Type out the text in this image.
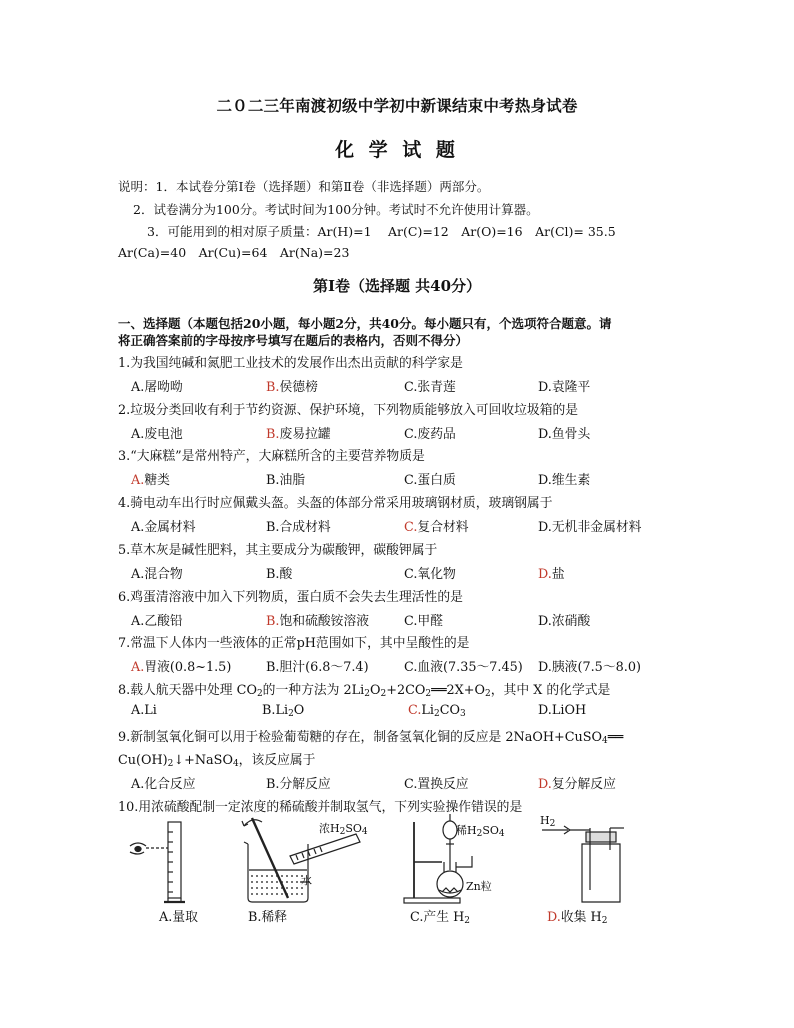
二０二三年南渡初级中学初中新课结束中考热身试卷
化 学 试 题
说明：1．本试卷分第Ⅰ卷（选择题）和第Ⅱ卷（非选择题）两部分。
2．试卷满分为100分。考试时间为100分钟。考试时不允许使用计算器。
3．可能用到的相对原子质量：Ar(H)=1　 Ar(C)=12　Ar(O)=16　Ar(Cl)= 35.5
Ar(Ca)=40　Ar(Cu)=64　Ar(Na)=23
第Ⅰ卷（选择题 共40分）
一、选择题（本题包括20小题，每小题2分，共40分。每小题只有，个选项符合题意。请
将正确答案前的字母按序号填写在题后的表格内，否则不得分）
1.为我国纯碱和氮肥工业技术的发展作出杰出贡献的科学家是
A.屠呦呦	B.侯德榜	C.张青莲	D.袁隆平
2.垃圾分类回收有利于节约资源、保护环境，下列物质能够放入可回收垃圾箱的是
A.废电池	B.废易拉罐	C.废药品	D.鱼骨头
3.“大麻糕”是常州特产，大麻糕所含的主要营养物质是
A.糖类	B.油脂	C.蛋白质	D.维生素
4.骑电动车出行时应佩戴头盔。头盔的体部分常采用玻璃钢材质，玻璃钢属于
A.金属材料	B.合成材料	C.复合材料	D.无机非金属材料
5.草木灰是碱性肥料，其主要成分为碳酸钾，碳酸钾属于
A.混合物	B.酸	C.氧化物	D.盐
6.鸡蛋清溶液中加入下列物质，蛋白质不会失去生理活性的是
A.乙酸铅	B.饱和硫酸铵溶液	C.甲醛	D.浓硝酸
7.常温下人体内一些液体的正常pH范围如下，其中呈酸性的是
A.胃液(0.8~1.5)	B.胆汁(6.8～7.4)	C.血液(7.35～7.45) D.胰液(7.5～8.0)
8.载人航天器中处理 $CO_2$的一种方法为 $2Li_2O_2+2CO_2══2X+O_2$，其中 X 的化学式是
A.Li	$B.Li_2O$	$C.Li_2CO_3$	D.LiOH
9.新制氢氧化铜可以用于检验葡萄糖的存在，制备氢氧化铜的反应是 2NaOH+CuSO$_4$══
$Cu(OH)_2↓+NaSO_4$，该反应属于
A.化合反应	B.分解反应	C.置换反应	D.复分解反应
10.用浓硫酸配制一定浓度的稀硫酸并制取氢气，下列实验操作错误的是
A.量取
浓$H_2SO_4$
水
B.稀释
稀$H_2SO_4$
Zn粒
C.产生 $H_2$
$H_2$
D.收集 $H_2$
